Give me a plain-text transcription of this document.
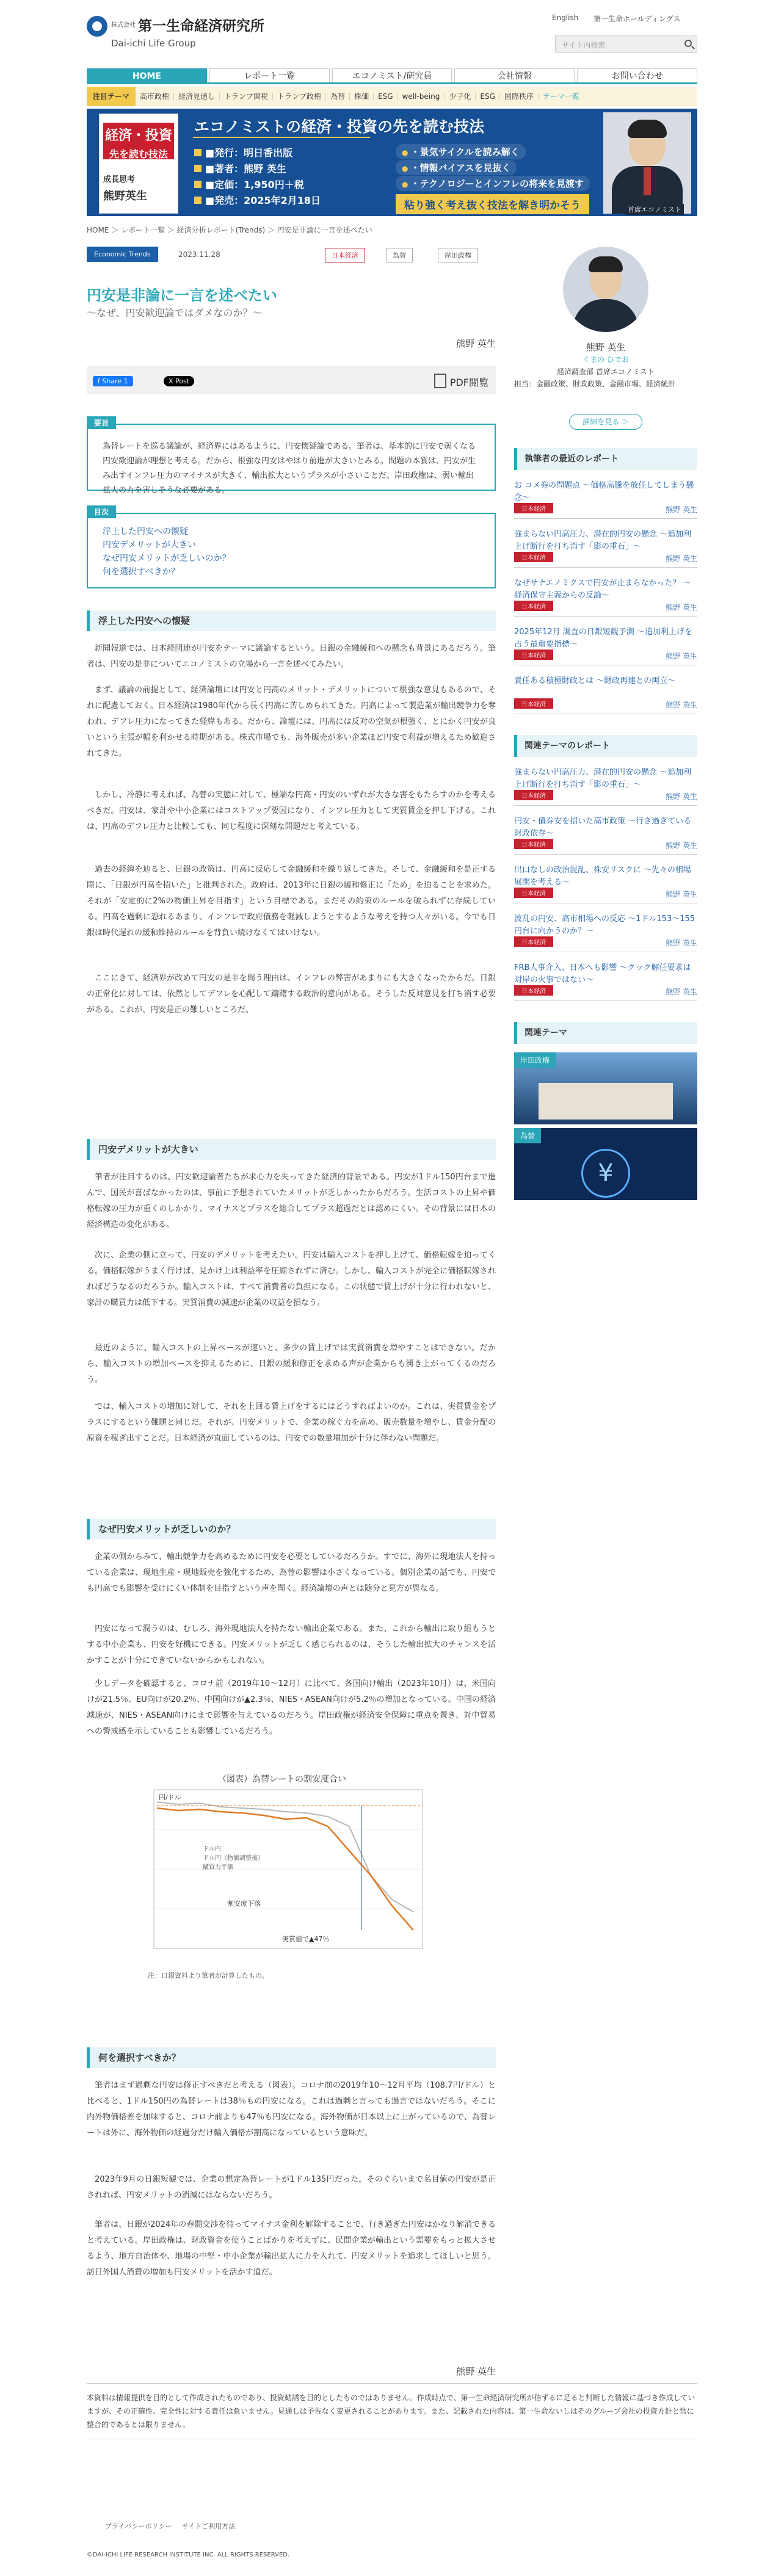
株式会社 第一生命経済研究所
Dai-ichi Life Group
English 第一生命ホールディングス
サイト内検索
HOME	レポート一覧	エコノミスト/研究員	会社情報	お問い合わせ
注目テーマ	高市政権	経済見通し	トランプ関税	トランプ政権	為替	株価	ESG	well-being	少子化	ESG	国際秩序	テーマ一覧
経済・投資
先を読む技法
成長思考
熊野英生
エコノミストの経済・投資の先を読む技法
■発行：明日香出版
■著者：熊野 英生
■定価：1,950円＋税
■発売：2025年2月18日
● ・景気サイクルを読み解く
● ・情報バイアスを見抜く
● ・テクノロジーとインフレの将来を見渡す
粘り強く考え抜く技法を解き明かそう	首席エコノミスト
HOME ＞ レポート一覧 ＞ 経済分析レポート(Trends) ＞ 円安是非論に一言を述べたい
Economic Trends	2023.11.28	日本経済	為替	岸田政権
円安是非論に一言を述べたい
～なぜ、円安歓迎論ではダメなのか？～
熊野 英生
f Share 1	X Post	PDF閲覧
要旨

為替レートを巡る議論が、経済界にはあるように、円安懐疑論である。筆者は、基本的に円安で弱くなる円安歓迎論が理想と考える。だから、根強な円安はやはり前進が大きいとみる。問題の本質は、円安が生み出すインフレ圧力のマイナスが大きく、輸出拡大というプラスが小さいことだ。岸田政権は、弱い輸出拡大の力を害しそうな必要がある。

目次
浮上した円安への懐疑
円安デメリットが大きい
なぜ円安メリットが乏しいのか？
何を選択すべきか？
浮上した円安への懐疑
新聞報道では、日本経団連が円安をテーマに議論するという。日銀の金融緩和への懸念も背景にあるだろう。筆者は、円安の是非についてエコノミストの立場から一言を述べてみたい。
まず、議論の前提として、経済論壇には円安と円高のメリット・デメリットについて根強な意見もあるので、それに配慮しておく。日本経済は1980年代から長く円高に苦しめられてきた。円高によって製造業が輸出競争力を奪われ、デフレ圧力になってきた経緯もある。だから、論壇には、円高には反対の空気が根強く、とにかく円安が良いという主張が幅を利かせる時期がある。株式市場でも、海外販売が多い企業ほど円安で利益が増えるため歓迎されてきた。
しかし、冷静に考えれば、為替の実態に対して、極端な円高・円安のいずれが大きな害をもたらすのかを考えるべきだ。円安は、家計や中小企業にはコストアップ要因になり、インフレ圧力として実質賃金を押し下げる。これは、円高のデフレ圧力と比較しても、同じ程度に深刻な問題だと考えている。
過去の経緯を辿ると、日銀の政策は、円高に反応して金融緩和を繰り返してきた。そして、金融緩和を是正する際に、「日銀が円高を招いた」と批判された。政府は、2013年に日銀の緩和修正に「ため」を迫ることを求めた。それが「安定的に2%の物価上昇を目指す」という目標である。まだその約束のルールを破られずに存続している。円高を過剰に恐れるあまり、インフレで政府債務を軽減しようとするような考えを持つ人々がいる。今でも日銀は時代遅れの緩和維持のルールを背負い続けなくてはいけない。
ここにきて、経済界が改めて円安の是非を問う理由は、インフレの弊害があまりにも大きくなったからだ。日銀の正常化に対しては、依然としてデフレを心配して躊躇する政治的意向がある。そうした反対意見を打ち消す必要がある。これが、円安是正の難しいところだ。
円安デメリットが大きい
筆者が注目するのは、円安歓迎論者たちが求心力を失ってきた経済的背景である。円安が1ドル150円台まで進んで、国民が喜ばなかったのは、事前に予想されていたメリットが乏しかったからだろう。生活コストの上昇や価格転嫁の圧力が重くのしかかり、マイナスとプラスを総合してプラス超過だとは認めにくい。その背景には日本の経済構造の変化がある。
次に、企業の側に立って、円安のデメリットを考えたい。円安は輸入コストを押し上げて、価格転嫁を迫ってくる。価格転嫁がうまく行けば、見かけ上は利益率を圧縮されずに済む。しかし、輸入コストが完全に価格転嫁されればどうなるのだろうか。輸入コストは、すべて消費者の負担になる。この状態で賃上げが十分に行われないと、家計の購買力は低下する。実質消費の減速が企業の収益を損なう。
最近のように、輸入コストの上昇ペースが速いと、多少の賃上げでは実質消費を増やすことはできない。だから、輸入コストの増加ペースを抑えるために、日銀の緩和修正を求める声が企業からも湧き上がってくるのだろう。
では、輸入コストの増加に対して、それを上回る賃上げをするにはどうすればよいのか。これは、実質賃金をプラスにするという難題と同じだ。それが、円安メリットで、企業の稼ぐ力を高め、販売数量を増やし、賃金分配の原資を稼ぎ出すことだ。日本経済が直面しているのは、円安での数量増加が十分に伴わない問題だ。
なぜ円安メリットが乏しいのか？
企業の側からみて、輸出競争力を高めるために円安を必要としているだろうか。すでに、海外に現地法人を持っている企業は、現地生産・現地販売を強化するため、為替の影響は小さくなっている。個別企業の話でも、円安でも円高でも影響を受けにくい体制を目指すという声を聞く。経済論壇の声とは随分と見方が異なる。
円安になって潤うのは、むしろ、海外現地法人を持たない輸出企業である。また、これから輸出に取り組もうとする中小企業も、円安を好機にできる。円安メリットが乏しく感じられるのは、そうした輸出拡大のチャンスを活かすことが十分にできていないからかもしれない。
少しデータを確認すると、コロナ前（2019年10～12月）に比べて、各国向け輸出（2023年10月）は、米国向けが21.5％、EU向けが20.2％、中国向けが▲2.3％、NIES・ASEAN向けが5.2％の増加となっている。中国の経済減速が、NIES・ASEAN向けにまで影響を与えているのだろう。岸田政権が経済安全保障に重点を置き、対中貿易への警戒感を示していることも影響しているだろう。
（図表）為替レートの割安度合い
円/ドル
ドル円
ドル円（物価調整後）
購買力平価
割安度下落
実質値で▲47％
注：日銀資料より筆者が計算したもの。
何を選択すべきか？
筆者はまず過剰な円安は修正すべきだと考える（図表）。コロナ前の2019年10～12月平均（108.7円/ドル）と比べると、1ドル150円の為替レートは38％もの円安になる。これは過剰と言っても過言ではないだろう。そこに内外物価格差を加味すると、コロナ前よりも47％も円安になる。海外物価が日本以上に上がっているので、為替レートは外に、海外物価の経過分だけ輸入価格が割高になっているという意味だ。
2023年9月の日銀短観では、企業の想定為替レートが1ドル135円だった。そのぐらいまで名目値の円安が是正されれば、円安メリットの消滅にはならないだろう。
筆者は、日銀が2024年の春闘交渉を待ってマイナス金利を解除することで、行き過ぎた円安はかなり解消できると考えている。岸田政権は、財政資金を使うことばかりを考えずに、民間企業が輸出という需要をもっと拡大させるよう、地方自治体や、地場の中堅・中小企業が輸出拡大に力を入れて、円安メリットを追求してほしいと思う。訪日外国人消費の増加も円安メリットを活かす道だ。
熊野 英生
熊野 英生
くまの ひでお
経済調査部 首席エコノミスト
担当：金融政策、財政政策、金融市場、経済統計
詳細を見る ＞
執筆者の最近のレポート
お コメ券の問題点 ～価格高騰を放任してしまう懸念～
日本経済	熊野 英生
強まらない円高圧力、潜在的円安の懸念 ～追加利上げ断行を打ち消す「影の重石」～
日本経済	熊野 英生
なぜサナエノミクスで円安が止まらなかった？ ～経済保守主義からの反論～
日本経済	熊野 英生
2025年12月 調査の日銀短観予測 ～追加利上げを占う最重要指標～
日本経済	熊野 英生
責任ある積極財政とは ～財政再建との両立～
日本経済	熊野 英生
関連テーマのレポート
強まらない円高圧力、潜在的円安の懸念 ～追加利上げ断行を打ち消す「影の重石」～
日本経済	熊野 英生
円安・債券安を招いた高市政策 ～行き過ぎている財政依存～
日本経済	熊野 英生
出口なしの政治混乱、株安リスクに ～先々の相場展開を考える～
日本経済	熊野 英生
波乱の円安、高市相場への反応 ～1ドル153～155円台に向かうのか？～
日本経済	熊野 英生
FRB人事介入、日本へも影響 ～クック解任要求は対岸の火事ではない～
日本経済	熊野 英生
関連テーマ
岸田政権
為替
¥
本資料は情報提供を目的として作成されたものであり、投資勧誘を目的としたものではありません。作成時点で、第一生命経済研究所が信ずるに足ると判断した情報に基づき作成していますが、その正確性、完全性に対する責任は負いません。見通しは予告なく変更されることがあります。また、記載された内容は、第一生命ないしはそのグループ会社の投資方針と常に整合的であるとは限りません。
プライバシーポリシー サイトご利用方法
©DAI-ICHI LIFE RESEARCH INSTITUTE INC. ALL RIGHTS RESERVED.
